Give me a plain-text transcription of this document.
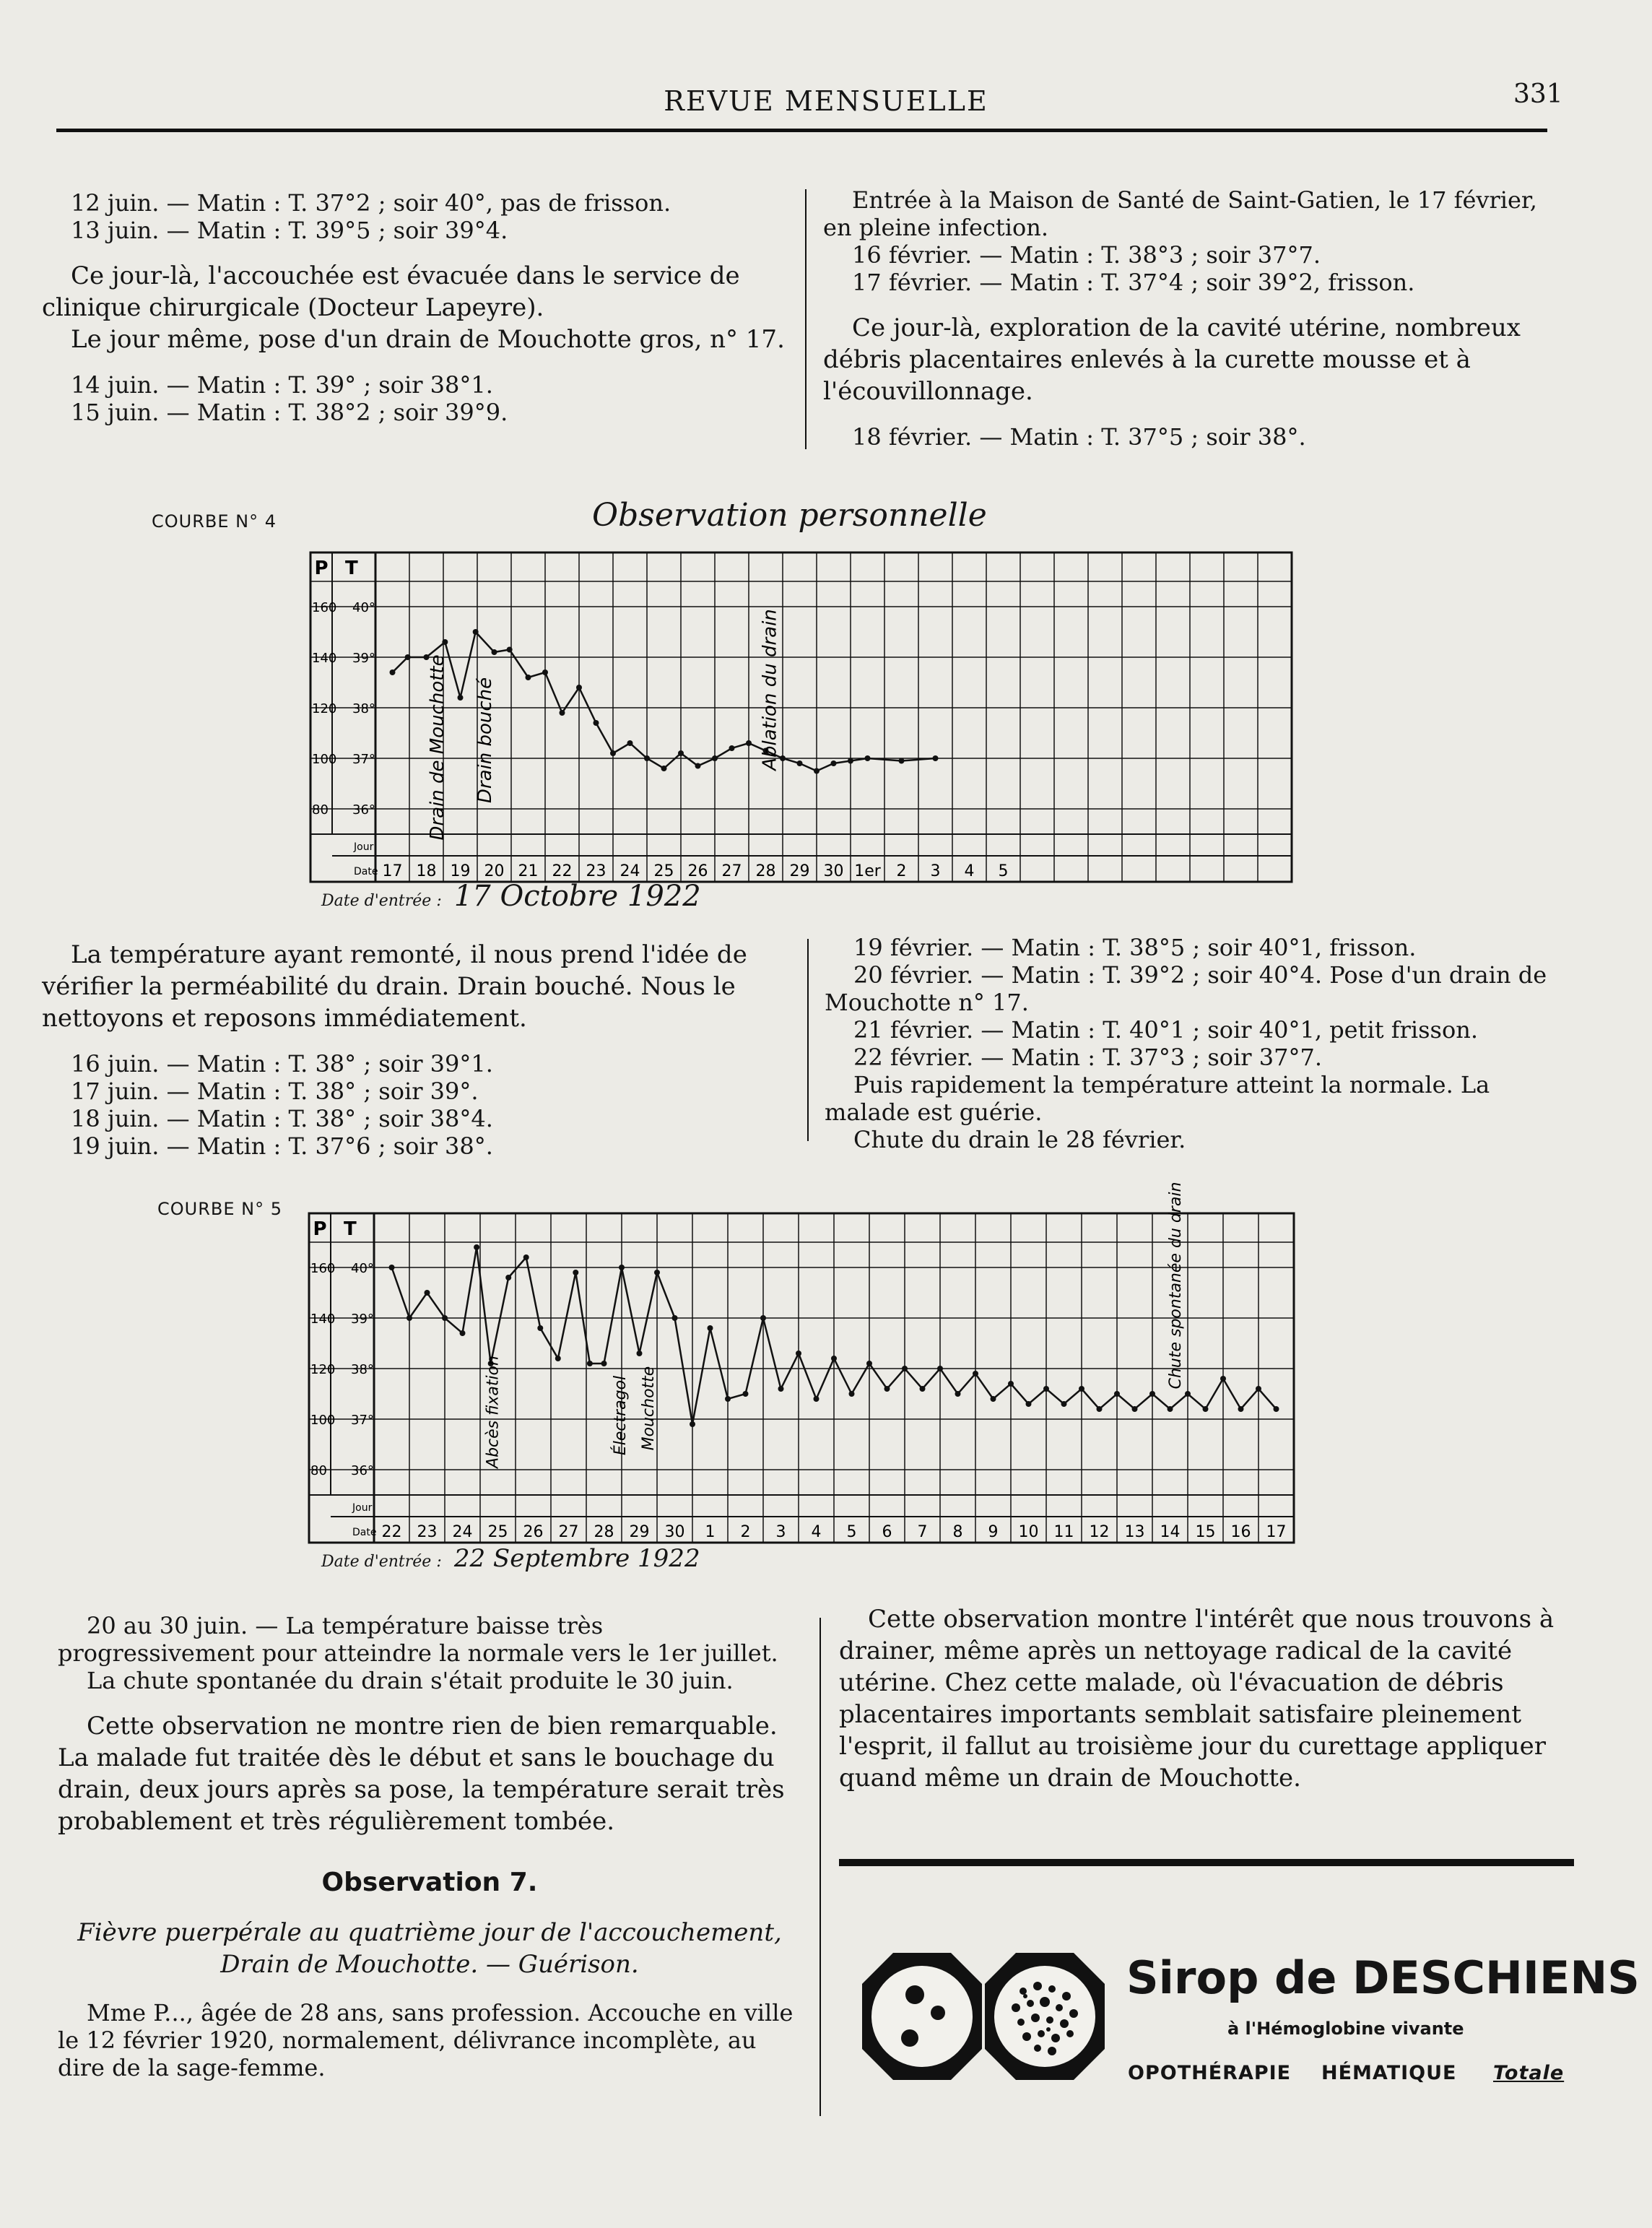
REVUE MENSUELLE	331

12 juin. — Matin : T. 37°2 ; soir 40°, pas de frisson.

13 juin. — Matin : T. 39°5 ; soir 39°4.

Ce jour-là, l'accouchée est évacuée dans le service de clinique chirurgicale (Docteur Lapeyre).

Le jour même, pose d'un drain de Mouchotte gros, n° 17.

14 juin. — Matin : T. 39° ; soir 38°1.

15 juin. — Matin : T. 38°2 ; soir 39°9.

Entrée à la Maison de Santé de Saint-Gatien, le 17 février, en pleine infection.

16 février. — Matin : T. 38°3 ; soir 37°7.

17 février. — Matin : T. 37°4 ; soir 39°2, frisson.

Ce jour-là, exploration de la cavité utérine, nombreux débris placentaires enlevés à la curette mousse et à l'écouvillonnage.

18 février. — Matin : T. 37°5 ; soir 38°.

COURBE N° 4	Observation personnelle
P T
160
140
120
100
80
40°
39°
38°
37°
36°
Jour
Date 17 18 19 20 21 22 23 24 25 26 27 28 29 30 1er 2 3 4 5
Drain de Mouchotte Drain bouché	Ablation du drain
Date d'entrée : 17 Octobre 1922

La température ayant remonté, il nous prend l'idée de vérifier la perméabilité du drain. Drain bouché. Nous le nettoyons et reposons immédiatement.

16 juin. — Matin : T. 38° ; soir 39°1.

17 juin. — Matin : T. 38° ; soir 39°.

18 juin. — Matin : T. 38° ; soir 38°4.

19 juin. — Matin : T. 37°6 ; soir 38°.

19 février. — Matin : T. 38°5 ; soir 40°1, frisson.

20 février. — Matin : T. 39°2 ; soir 40°4. Pose d'un drain de Mouchotte n° 17.

21 février. — Matin : T. 40°1 ; soir 40°1, petit frisson.

22 février. — Matin : T. 37°3 ; soir 37°7.

Puis rapidement la température atteint la normale. La malade est guérie.

Chute du drain le 28 février.

COURBE N° 5
P T
160
140
120
100
80
40°
39°
38°
37°
36°
Jour
Date 22 23 24 25 26 27 28 29 30 1 2 3 4 5 6 7 8 9 10 11 12 13 14 15 16 17
Abcès fixation	Électragol Mouchotte
Chute spontanée du drain
Date d'entrée : 22 Septembre 1922

20 au 30 juin. — La température baisse très progressivement pour atteindre la normale vers le 1er juillet.

La chute spontanée du drain s'était produite le 30 juin.

Cette observation ne montre rien de bien remarquable. La malade fut traitée dès le début et sans le bouchage du drain, deux jours après sa pose, la température serait très probablement et très régulièrement tombée.

Observation 7.

Fièvre puerpérale au quatrième jour de l'accouchement, Drain de Mouchotte. — Guérison.

Mme P..., âgée de 28 ans, sans profession. Accouche en ville le 12 février 1920, normalement, délivrance incomplète, au dire de la sage-femme.

Cette observation montre l'intérêt que nous trouvons à drainer, même après un nettoyage radical de la cavité utérine. Chez cette malade, où l'évacuation de débris placentaires importants semblait satisfaire pleinement l'esprit, il fallut au troisième jour du curettage appliquer quand même un drain de Mouchotte.

Sirop de DESCHIENS
à l'Hémoglobine vivante
OPOTHÉRAPIE HÉMATIQUE Totale
